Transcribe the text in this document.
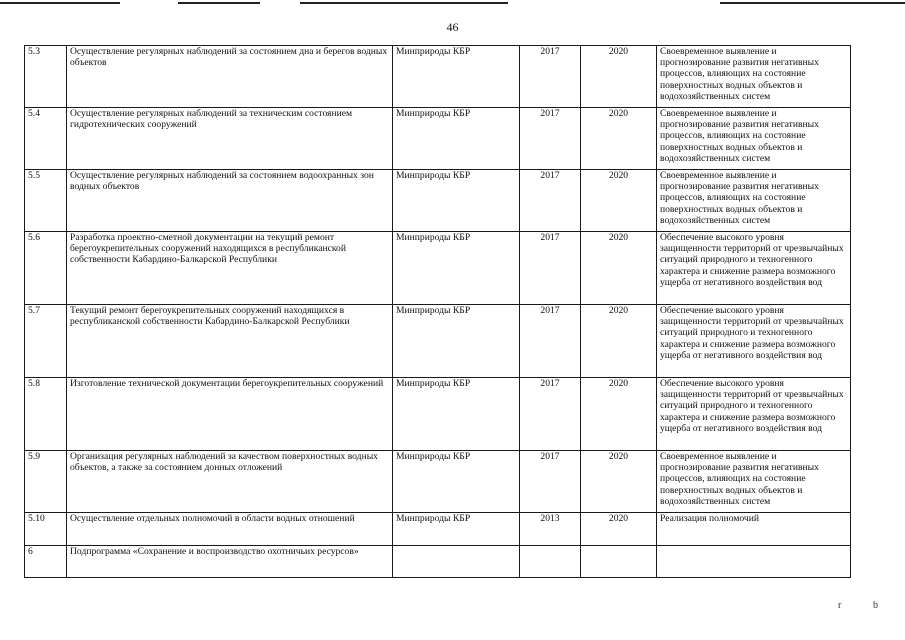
46
5.3	Осуществление регулярных наблюдений за состоянием дна и берегов водных объектов	Минприроды КБР	2017	2020	Своевременное выявление и прогнозирование развития негативных процессов, влияющих на состояние поверхностных водных объектов и водохозяйственных систем
5.4	Осуществление регулярных наблюдений за техническим состоянием гидротехнических сооружений	Минприроды КБР	2017	2020	Своевременное выявление и прогнозирование развития негативных процессов, влияющих на состояние поверхностных водных объектов и водохозяйственных систем
5.5	Осуществление регулярных наблюдений за состоянием водоохранных зон водных объектов	Минприроды КБР	2017	2020	Своевременное выявление и прогнозирование развития негативных процессов, влияющих на состояние поверхностных водных объектов и водохозяйственных систем
5.6	Разработка проектно-сметной документации на текущий ремонт берегоукрепительных сооружений находящихся в республиканской собственности Кабардино-Балкарской Республики	Минприроды КБР	2017	2020	Обеспечение высокого уровня защищенности территорий от чрезвычайных ситуаций природного и техногенного характера и снижение размера возможного ущерба от негативного воздействия вод
5.7	Текущий ремонт берегоукрепительных сооружений находящихся в республиканской собственности Кабардино-Балкарской Республики	Минприроды КБР	2017	2020	Обеспечение высокого уровня защищенности территорий от чрезвычайных ситуаций природного и техногенного характера и снижение размера возможного ущерба от негативного воздействия вод
5.8	Изготовление технической документации берегоукрепительных сооружений	Минприроды КБР	2017	2020	Обеспечение высокого уровня защищенности территорий от чрезвычайных ситуаций природного и техногенного характера и снижение размера возможного ущерба от негативного воздействия вод
5.9	Организация регулярных наблюдений за качеством поверхностных водных объектов, а также за состоянием донных отложений	Минприроды КБР	2017	2020	Своевременное выявление и прогнозирование развития негативных процессов, влияющих на состояние поверхностных водных объектов и водохозяйственных систем
5.10	Осуществление отдельных полномочий в области водных отношений	Минприроды КБР	2013	2020	Реализация полномочий
6	Подпрограмма «Сохранение и воспроизводство охотничьих ресурсов»				
r	b
